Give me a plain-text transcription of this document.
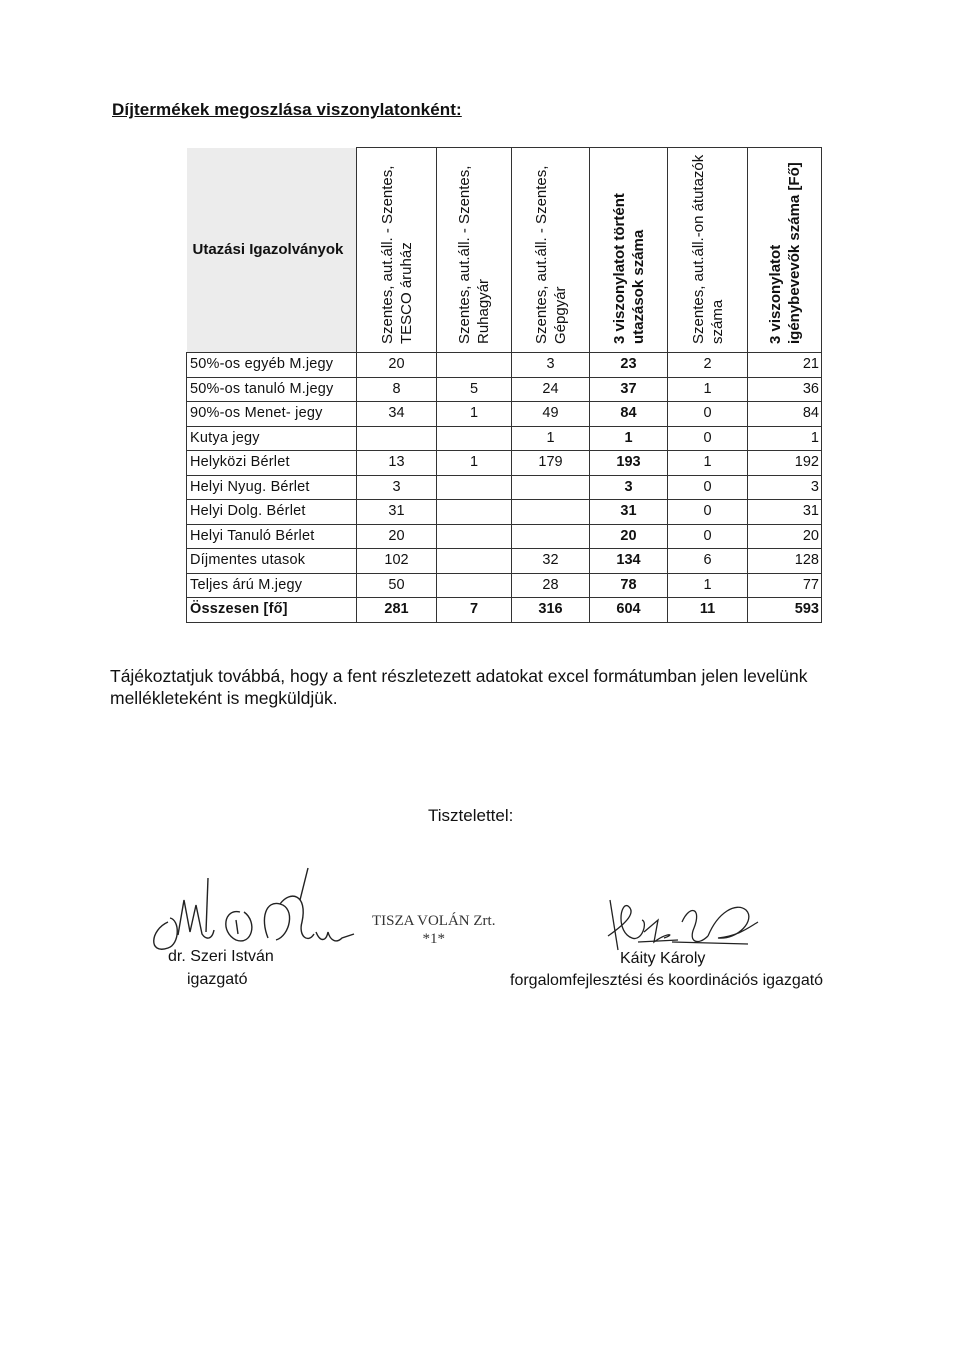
Díjtermékek megoszlása viszonylatonként:
Utazási Igazolványok	Szentes, aut.áll. - Szentes, TESCO áruház	Szentes, aut.áll. - Szentes, Ruhagyár	Szentes, aut.áll. - Szentes, Gépgyár	3 viszonylatot történt utazások száma	Szentes, aut.áll.-on átutazók száma	3 viszonylatot igénybevevők száma [Fő]
50%-os egyéb M.jegy	20		3	23	2	21
50%-os tanuló M.jegy	8	5	24	37	1	36
90%-os Menet- jegy	34	1	49	84	0	84
Kutya jegy			1	1	0	1
Helyközi Bérlet	13	1	179	193	1	192
Helyi Nyug. Bérlet	3			3	0	3
Helyi Dolg. Bérlet	31			31	0	31
Helyi Tanuló Bérlet	20			20	0	20
Díjmentes utasok	102		32	134	6	128
Teljes árú M.jegy	50		28	78	1	77
Összesen [fő]	281	7	316	604	11	593
Tájékoztatjuk továbbá, hogy a fent részletezett adatokat excel formátumban jelen levelünk mellékleteként is megküldjük.
Tisztelettel:
TISZA VOLÁN Zrt.
*1*
dr. Szeri István
igazgató
Káity Károly
forgalomfejlesztési és koordinációs igazgató
